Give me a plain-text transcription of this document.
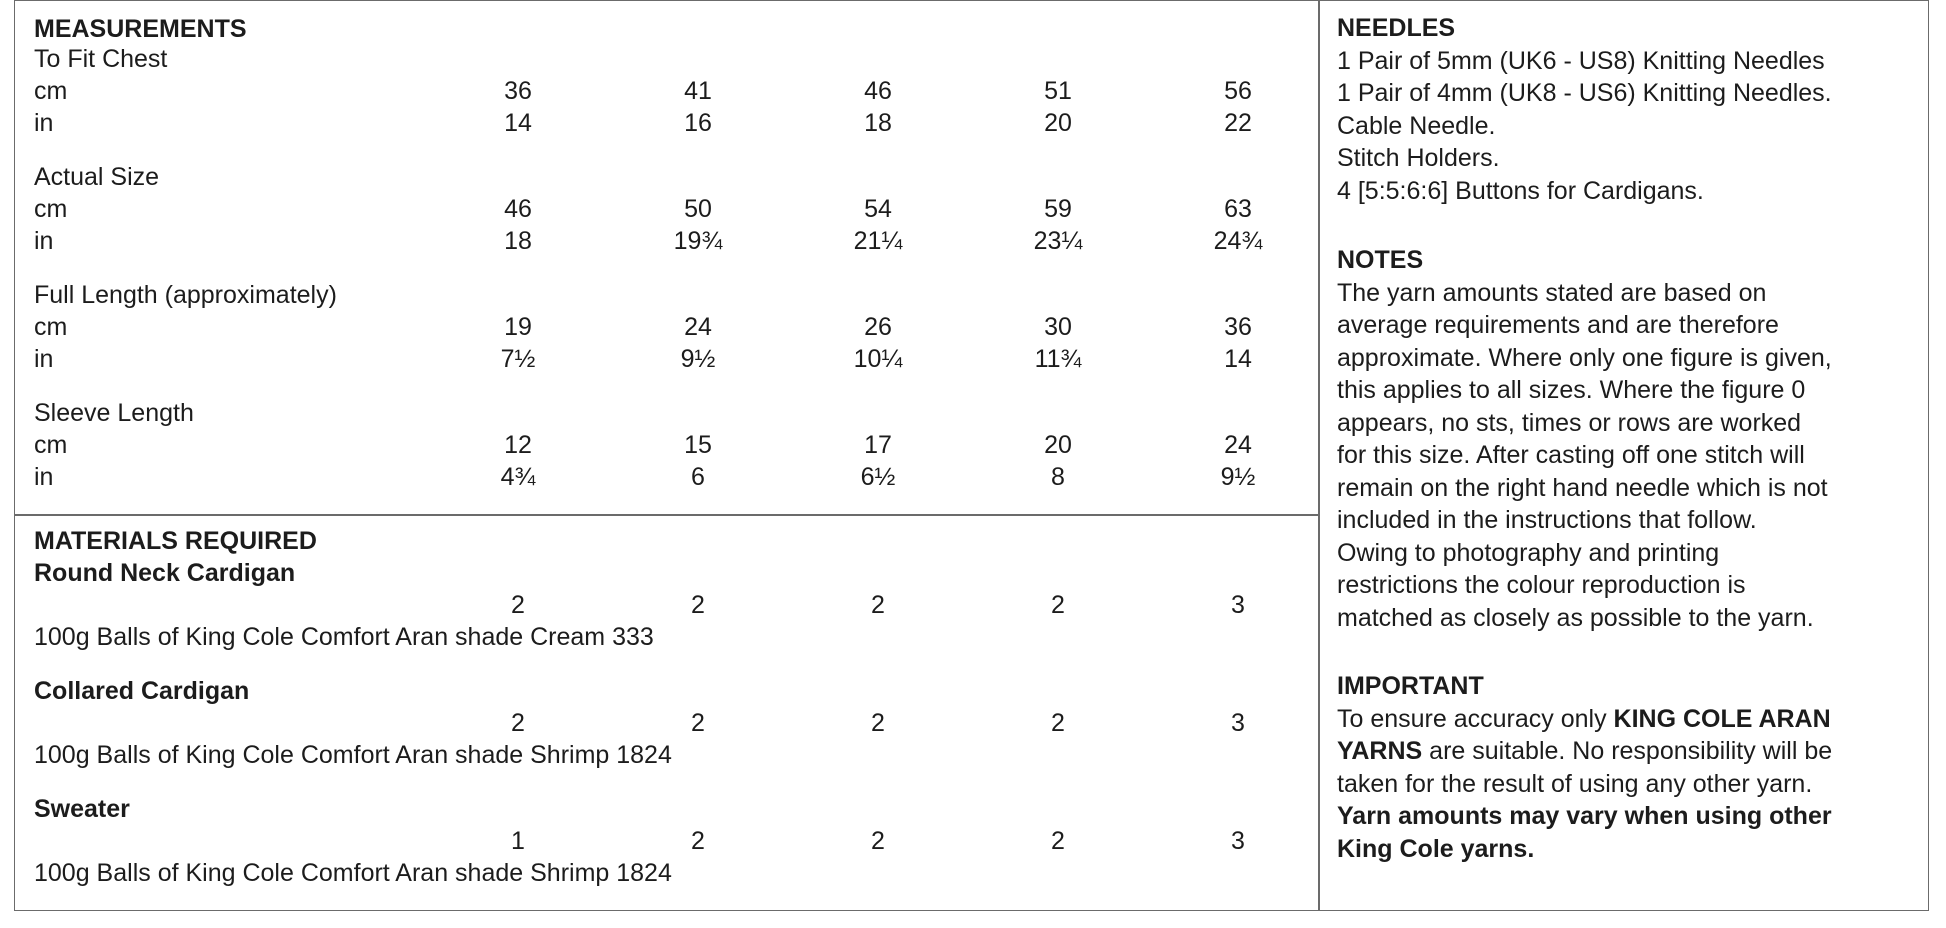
MEASUREMENTS
To Fit Chest
cm	36	41	46	51	56
in	14	16	18	20	22
Actual Size
cm	46	50	54	59	63
in	18	19¾	21¼	23¼	24¾
Full Length (approximately)
cm	19	24	26	30	36
in	7½	9½	10¼	11¾	14
Sleeve Length
cm	12	15	17	20	24
in	4¾	6	6½	8	9½
MATERIALS REQUIRED
Round Neck Cardigan
2	2	2	2	3
100g Balls of King Cole Comfort Aran shade Cream 333
Collared Cardigan
2	2	2	2	3
100g Balls of King Cole Comfort Aran shade Shrimp 1824
Sweater
1	2	2	2	3
100g Balls of King Cole Comfort Aran shade Shrimp 1824

NEEDLES

1 Pair of 5mm (UK6 - US8) Knitting Needles

1 Pair of 4mm (UK8 - US6) Knitting Needles.

Cable Needle.

Stitch Holders.

4 [5:5:6:6] Buttons for Cardigans.

NOTES

The yarn amounts stated are based on

average requirements and are therefore

approximate. Where only one figure is given,

this applies to all sizes. Where the figure 0

appears, no sts, times or rows are worked

for this size. After casting off one stitch will

remain on the right hand needle which is not

included in the instructions that follow.

Owing to photography and printing

restrictions the colour reproduction is

matched as closely as possible to the yarn.

IMPORTANT

To ensure accuracy only KING COLE ARAN

YARNS are suitable. No responsibility will be

taken for the result of using any other yarn.

Yarn amounts may vary when using other

King Cole yarns.
